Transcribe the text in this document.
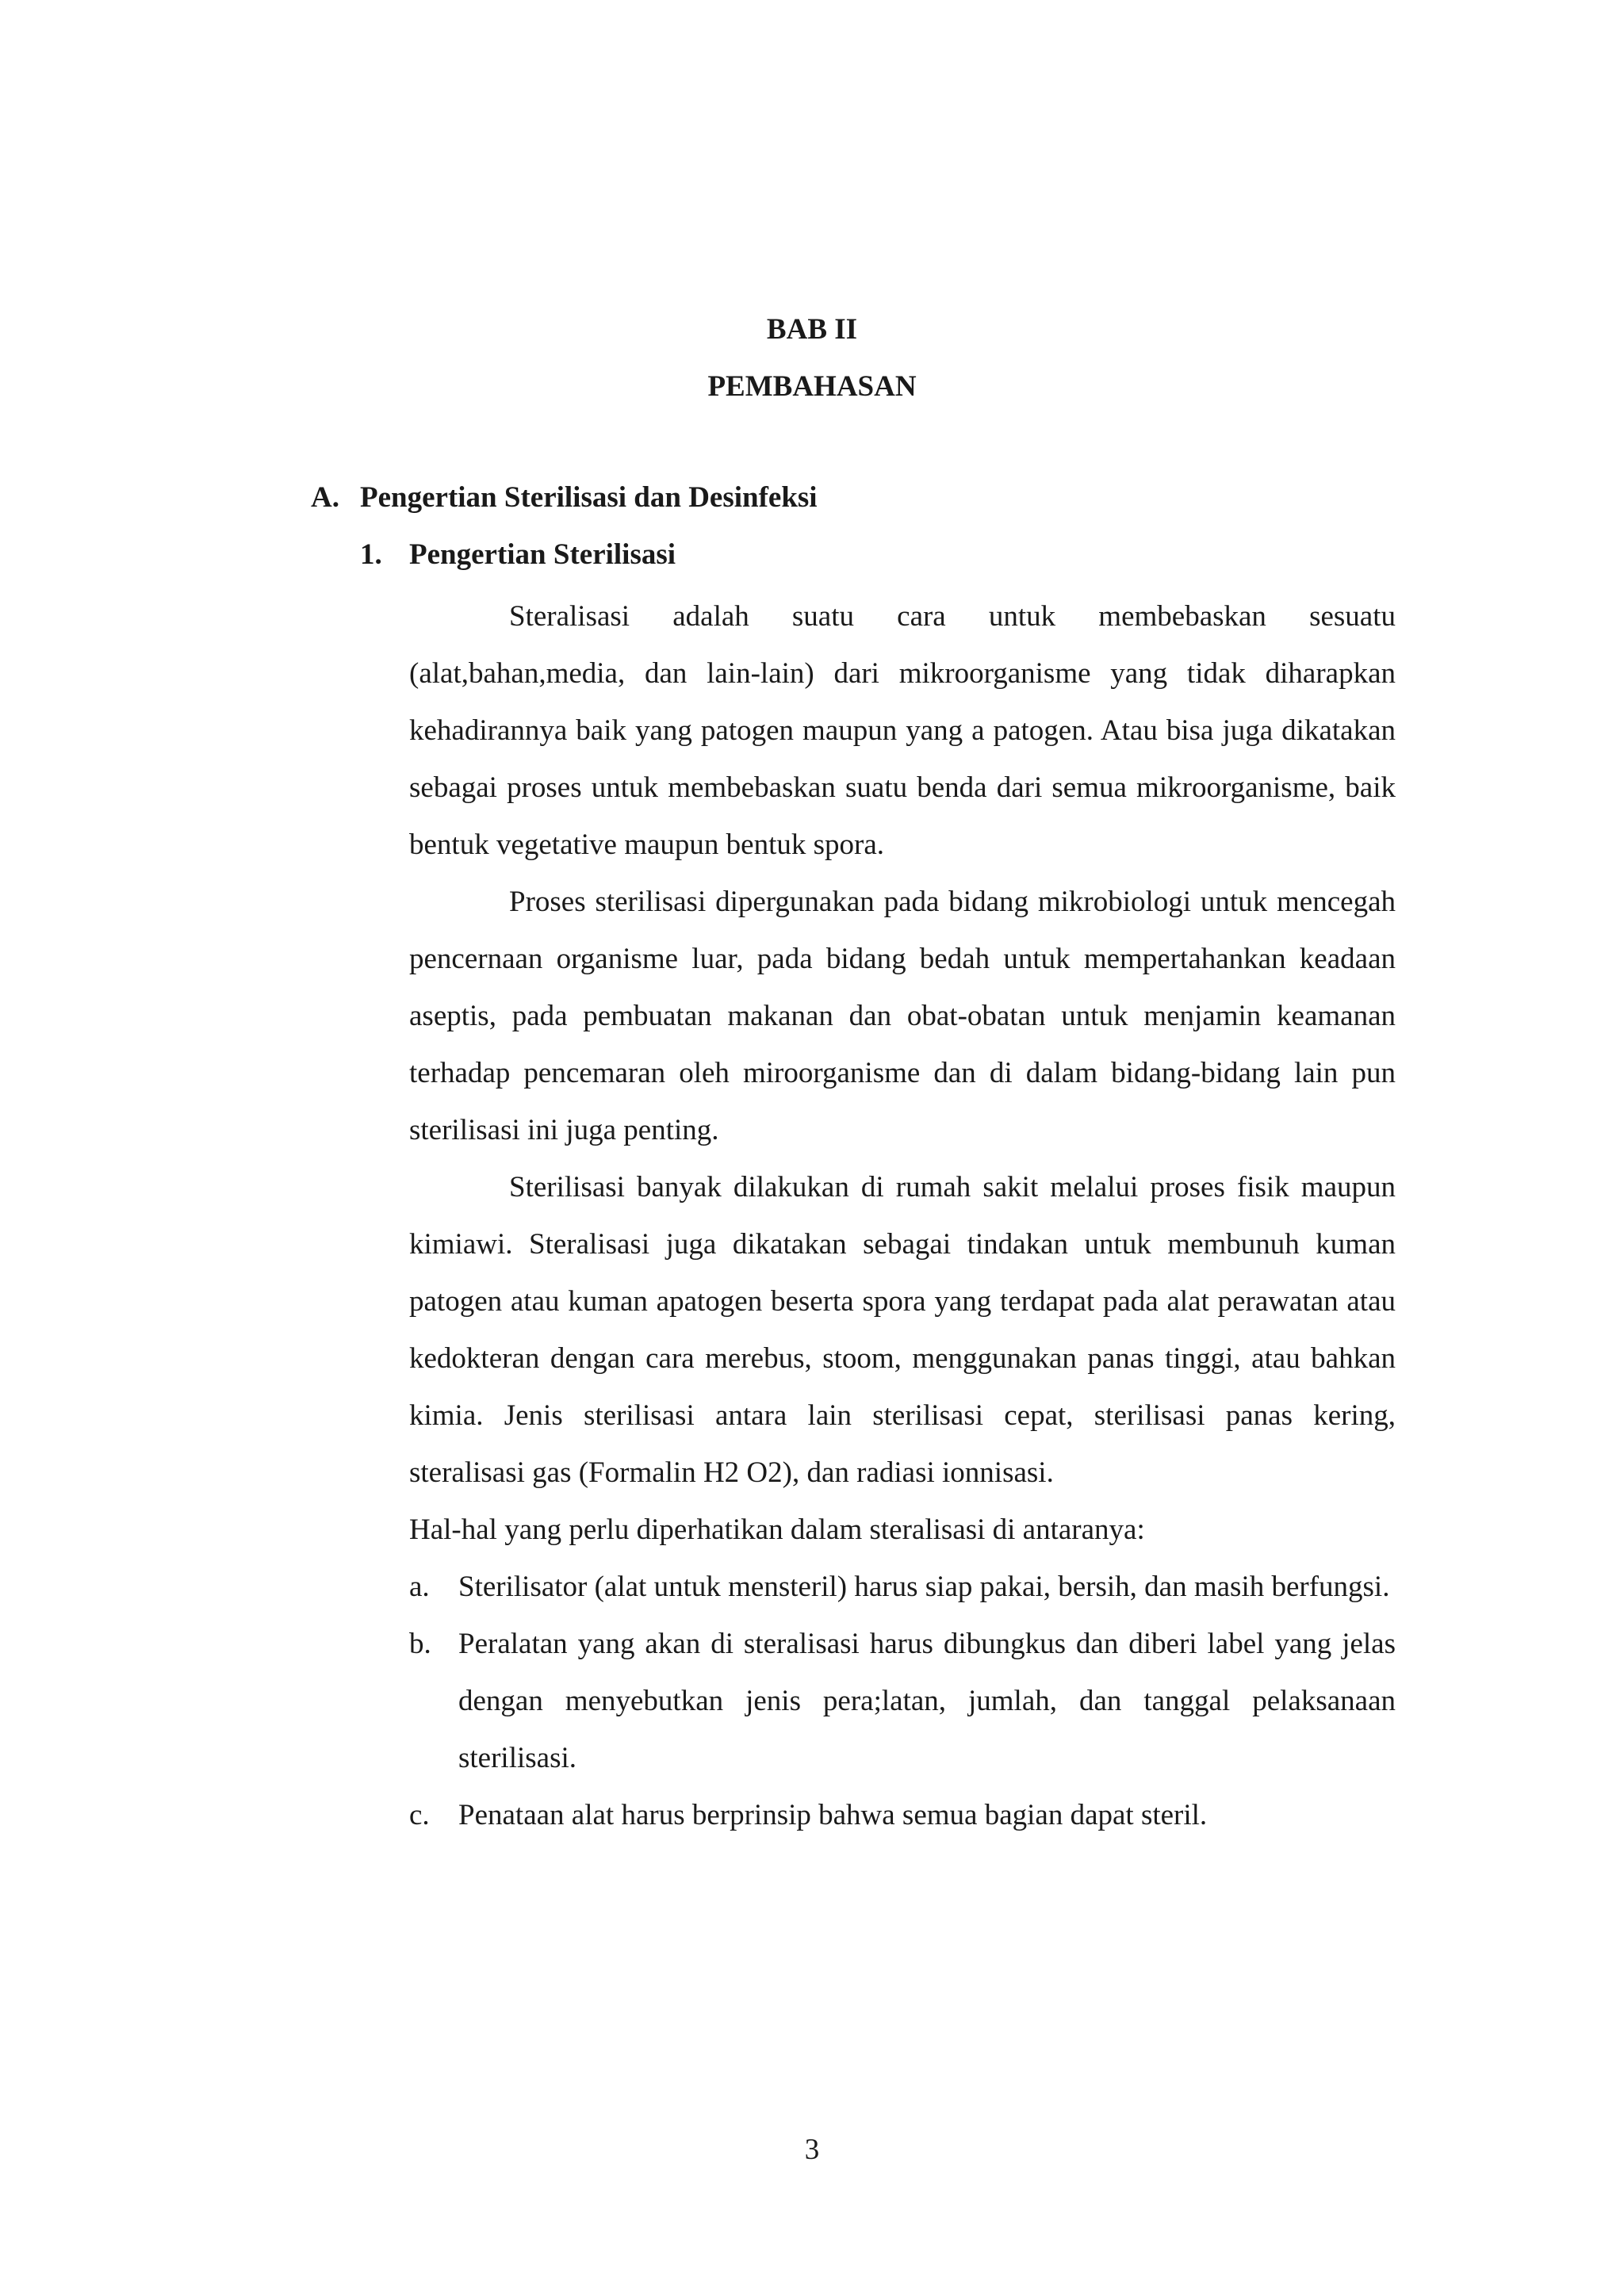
BAB II
PEMBAHASAN
A. Pengertian Sterilisasi dan Desinfeksi
1. Pengertian Sterilisasi

Steralisasi adalah suatu cara untuk membebaskan sesuatu (alat,bahan,media, dan lain-lain) dari mikroorganisme yang tidak diharapkan kehadirannya baik yang patogen maupun yang a patogen. Atau bisa juga dikatakan sebagai proses untuk membebaskan suatu benda dari semua mikroorganisme, baik bentuk vegetative maupun bentuk spora.

Proses sterilisasi dipergunakan pada bidang mikrobiologi untuk mencegah pencernaan organisme luar, pada bidang bedah untuk mempertahankan keadaan aseptis, pada pembuatan makanan dan obat-obatan untuk menjamin keamanan terhadap pencemaran oleh miroorganisme dan di dalam bidang-bidang lain pun sterilisasi ini juga penting.

Sterilisasi banyak dilakukan di rumah sakit melalui proses fisik maupun kimiawi. Steralisasi juga dikatakan sebagai tindakan untuk membunuh kuman patogen atau kuman apatogen beserta spora yang terdapat pada alat perawatan atau kedokteran dengan cara merebus, stoom, menggunakan panas tinggi, atau bahkan kimia. Jenis sterilisasi antara lain sterilisasi cepat, sterilisasi panas kering, steralisasi gas (Formalin H2 O2), dan radiasi ionnisasi.

Hal-hal yang perlu diperhatikan dalam steralisasi di antaranya:

a. Sterilisator (alat untuk mensteril) harus siap pakai, bersih, dan masih berfungsi.
b. Peralatan yang akan di steralisasi harus dibungkus dan diberi label yang jelas dengan menyebutkan jenis pera;latan, jumlah, dan tanggal pelaksanaan sterilisasi.
c. Penataan alat harus berprinsip bahwa semua bagian dapat steril.
3
